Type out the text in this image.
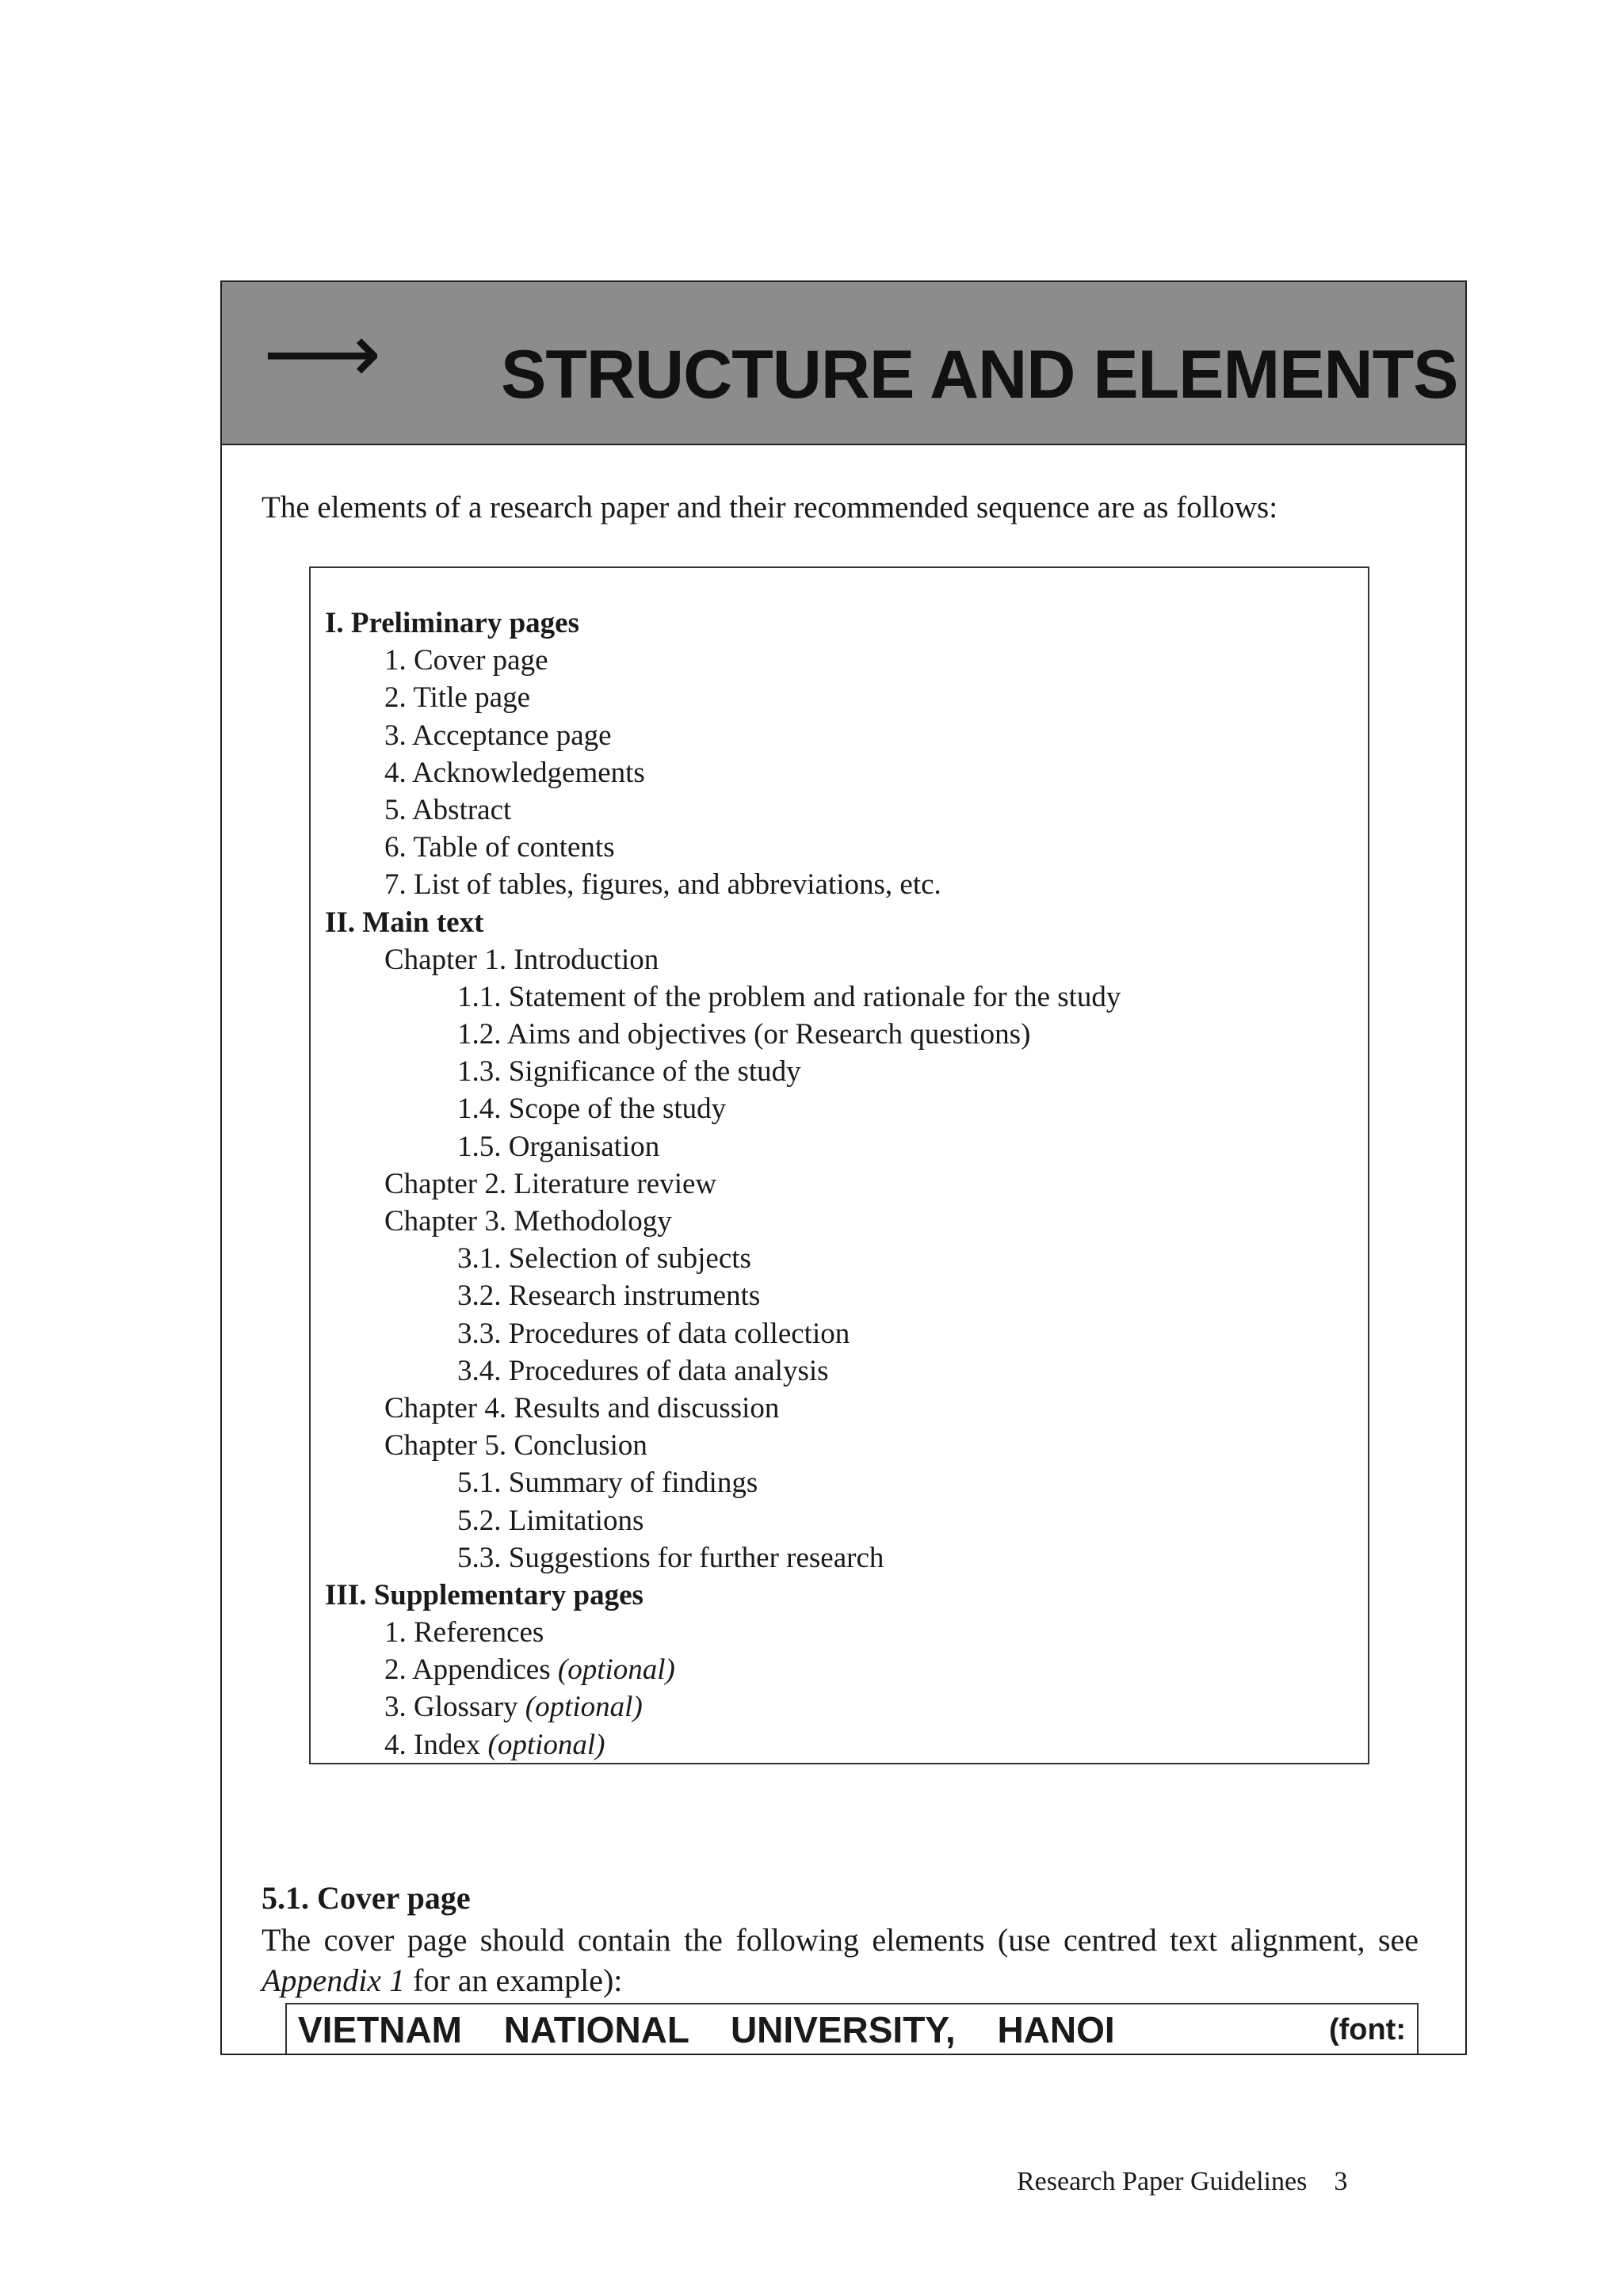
⟶ STRUCTURE AND ELEMENTS
The elements of a research paper and their recommended sequence are as follows:
I. Preliminary pages
1. Cover page
2. Title page
3. Acceptance page
4. Acknowledgements
5. Abstract
6. Table of contents
7. List of tables, figures, and abbreviations, etc.
II. Main text
Chapter 1. Introduction
1.1. Statement of the problem and rationale for the study
1.2. Aims and objectives (or Research questions)
1.3. Significance of the study
1.4. Scope of the study
1.5. Organisation
Chapter 2. Literature review
Chapter 3. Methodology
3.1. Selection of subjects
3.2. Research instruments
3.3. Procedures of data collection
3.4. Procedures of data analysis
Chapter 4. Results and discussion
Chapter 5. Conclusion
5.1. Summary of findings
5.2. Limitations
5.3. Suggestions for further research
III. Supplementary pages
1. References
2. Appendices (optional)
3. Glossary (optional)
4. Index (optional)
5.1. Cover page
The cover page should contain the following elements (use centred text alignment, see Appendix 1 for an example):
VIETNAM NATIONAL UNIVERSITY, HANOI	(font:
Research Paper Guidelines 3
